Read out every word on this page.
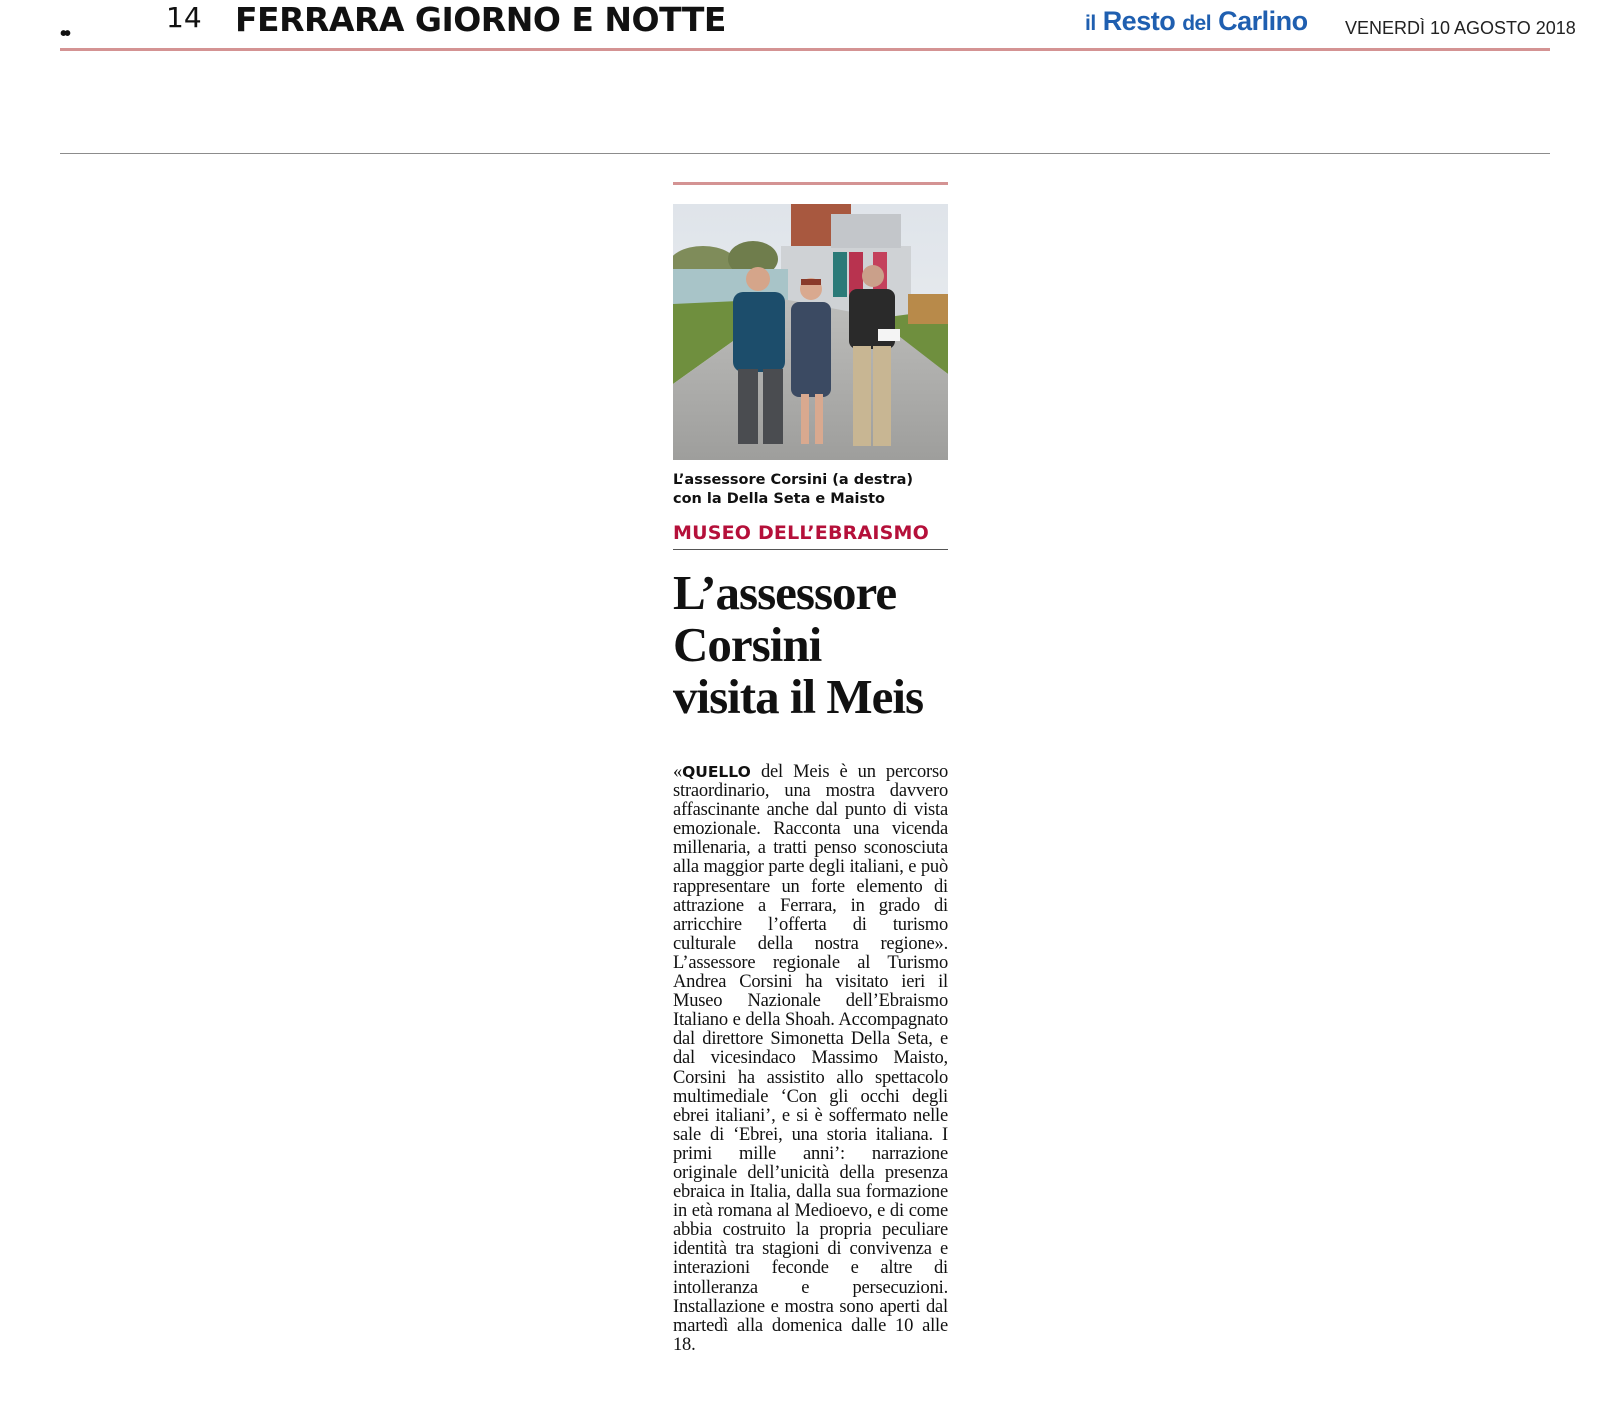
••	14 FERRARA GIORNO E NOTTE	il Resto del Carlino VENERDÌ 10 AGOSTO 2018
L’assessore Corsini (a destra)
con la Della Seta e Maisto
MUSEO DELL’EBRAISMO
L’assessore
Corsini
visita il Meis
«QUELLO del Meis è un percorso straordinario, una mostra davvero affascinante anche dal punto di vista emozionale. Racconta una vicenda millenaria, a tratti penso sconosciuta alla maggior parte degli italiani, e può rappresentare un forte elemento di attrazione a Ferrara, in grado di arricchire l’offerta di turismo culturale della nostra regione». L’assessore regionale al Turismo Andrea Corsini ha visitato ieri il Museo Nazionale dell’Ebraismo Italiano e della Shoah. Accompagnato dal direttore Simonetta Della Seta, e dal vicesindaco Massimo Maisto, Corsini ha assistito allo spettacolo multimediale ‘Con gli occhi degli ebrei italiani’, e si è soffermato nelle sale di ‘Ebrei, una storia italiana. I primi mille anni’: narrazione originale dell’unicità della presenza ebraica in Italia, dalla sua formazione in età romana al Medioevo, e di come abbia costruito la propria peculiare identità tra stagioni di convivenza e interazioni feconde e altre di intolleranza e persecuzioni. Installazione e mostra sono aperti dal martedì alla domenica dalle 10 alle 18.
